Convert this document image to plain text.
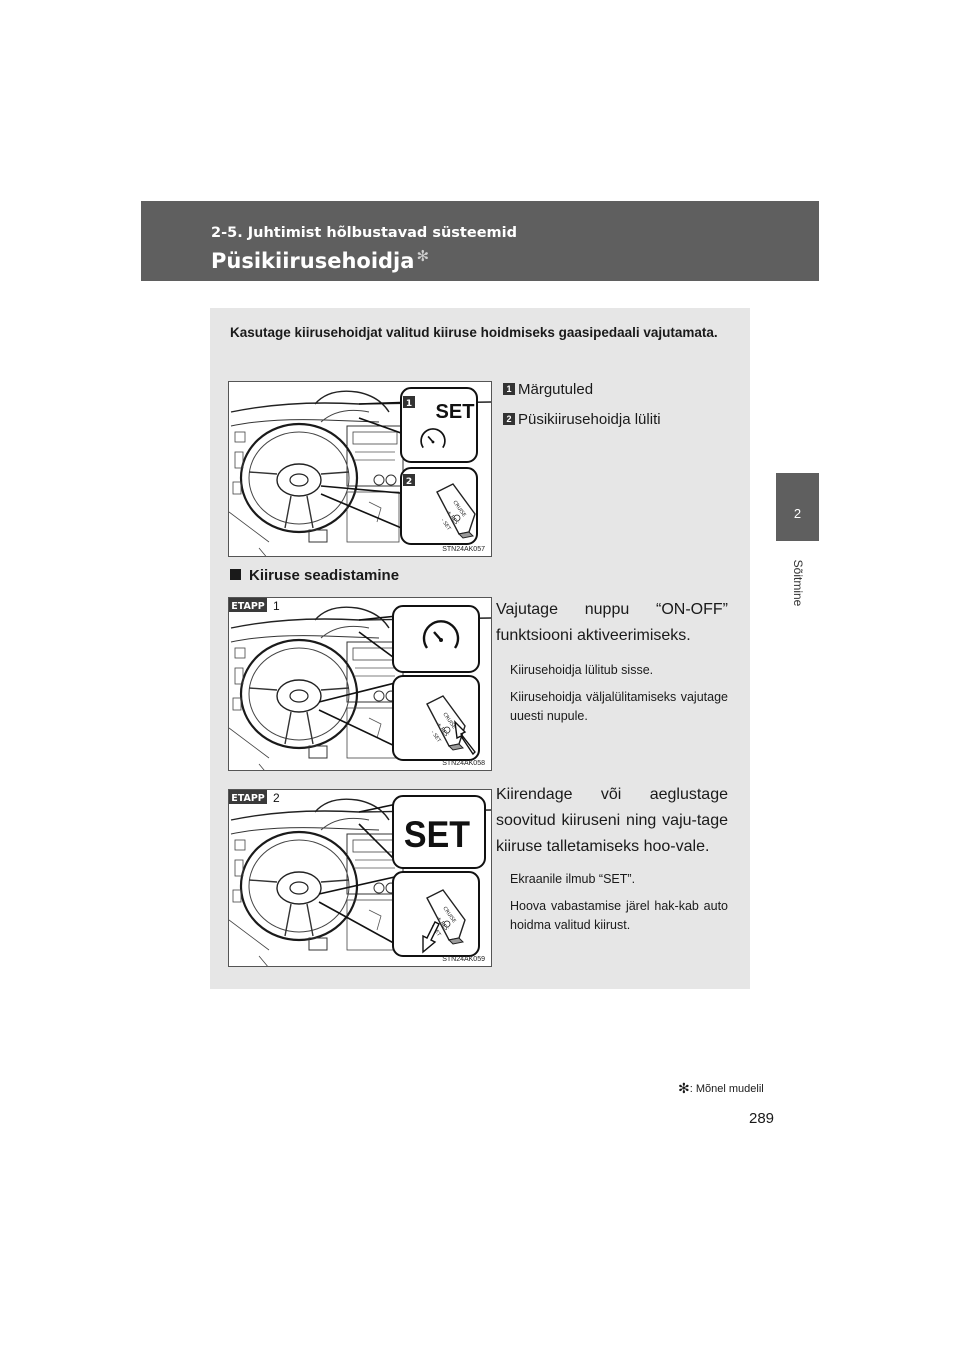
2-5. Juhtimist hõlbustavad süsteemid
Püsikiirusehoidja ✻
2
Sõitmine

Kasutage kiirusehoidjat valitud kiiruse hoidmiseks gaasipedaali vajutamata.

SET
1
2
STN24AK057
1 Märgutuled
2 Püsikiirusehoidja lüliti
Kiiruse seadistamine
ETAPP 1
STN24AK058

Vajutage nuppu “ON-OFF” funktsiooni aktiveerimiseks.

Kiirusehoidja lülitub sisse.

Kiirusehoidja väljalülitamiseks vajutage uuesti nupule.

SET
ETAPP 2
STN24AK059

Kiirendage või aeglustage soovitud kiiruseni ning vaju-tage kiiruse talletamiseks hoo-vale.

Ekraanile ilmub “SET”.

Hoova vabastamise järel hak-kab auto hoidma valitud kiirust.

✻: Mõnel mudelil
289
